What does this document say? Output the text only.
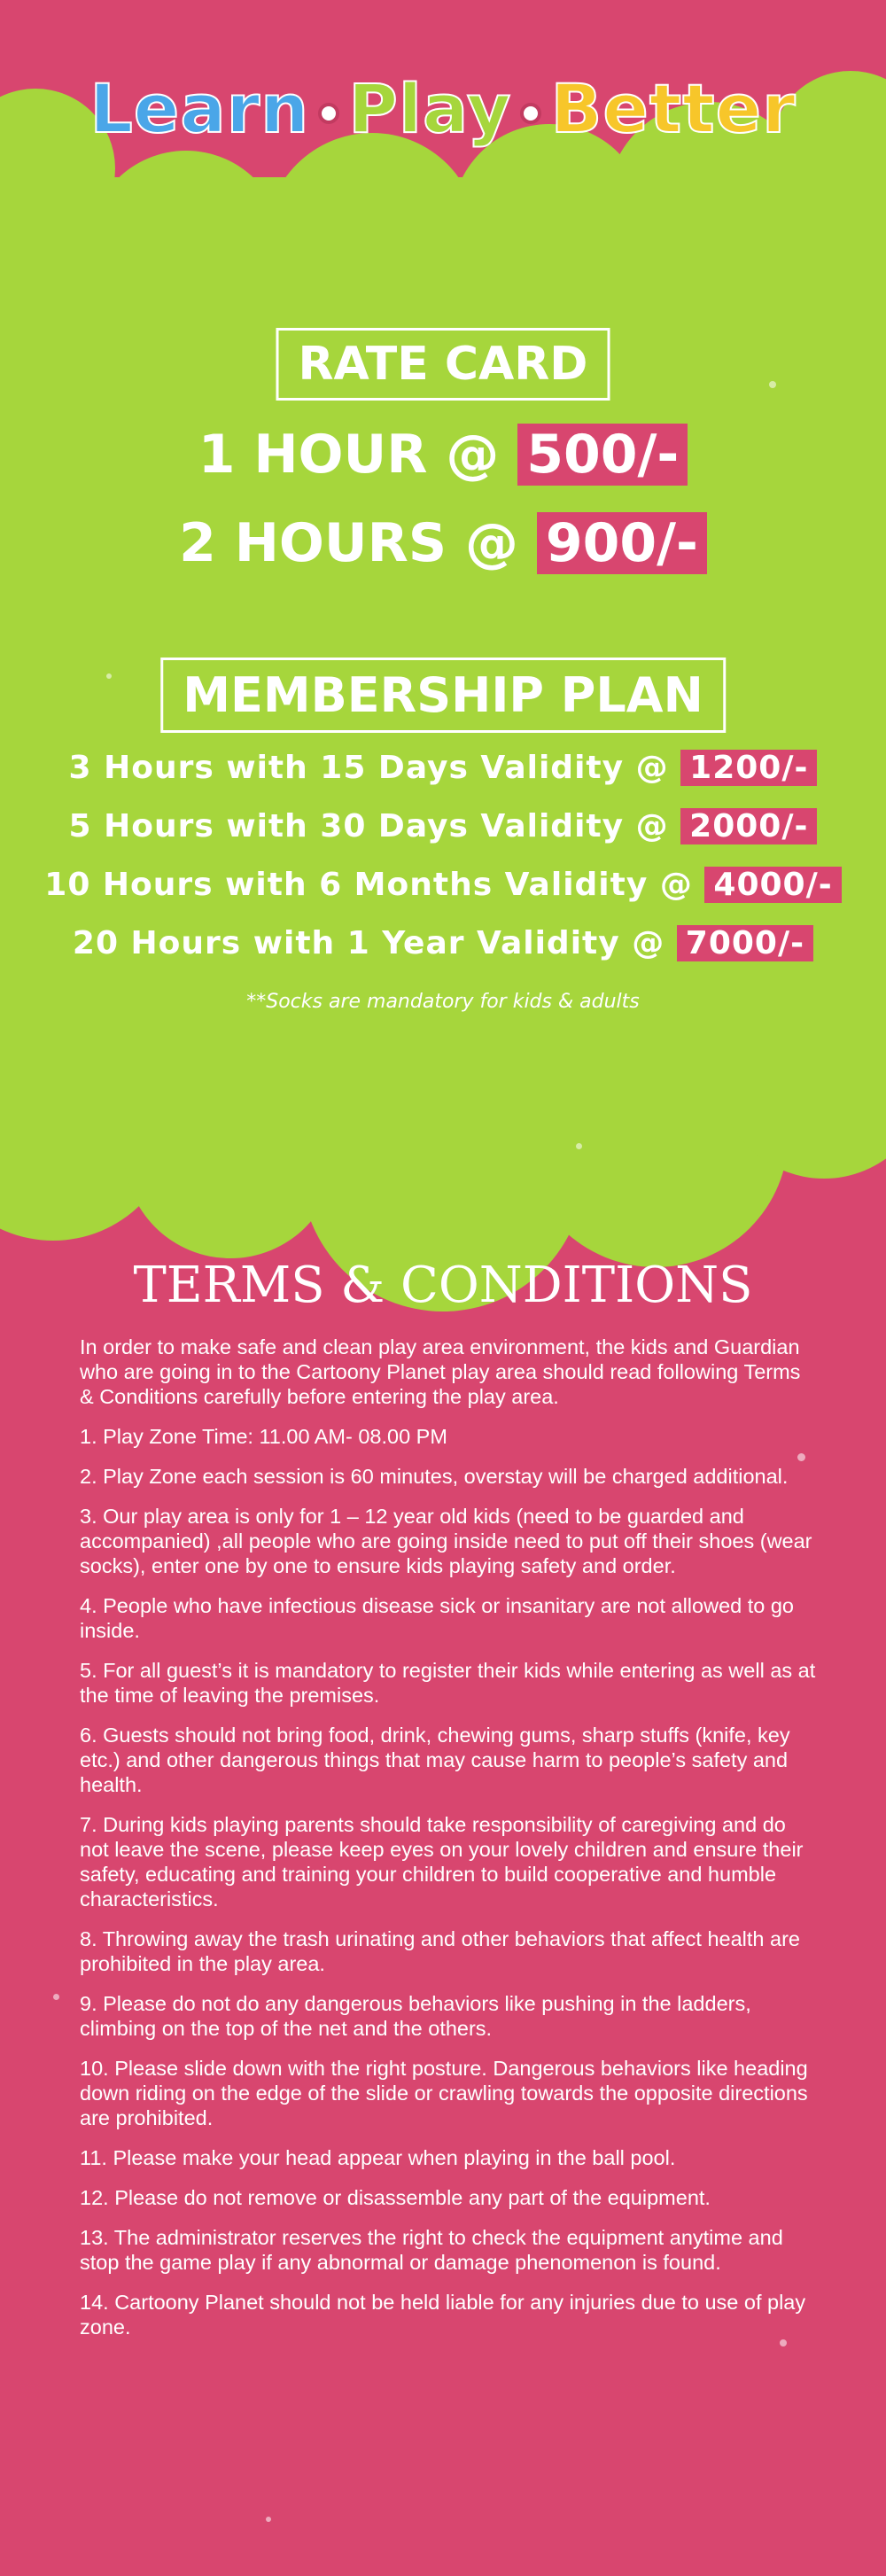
Learn Play Better
RATE CARD
1 HOUR @ 500/-
2 HOURS @ 900/-
MEMBERSHIP PLAN
3 Hours with 15 Days Validity @ 1200/-
5 Hours with 30 Days Validity @ 2000/-
10 Hours with 6 Months Validity @ 4000/-
20 Hours with 1 Year Validity @ 7000/-
**Socks are mandatory for kids & adults
TERMS & CONDITIONS

In order to make safe and clean play area environment, the kids and Guardian who are going in to the Cartoony Planet play area should read following Terms & Conditions carefully before entering the play area.

1. Play Zone Time: 11.00 AM- 08.00 PM

2. Play Zone each session is 60 minutes, overstay will be charged additional.

3. Our play area is only for 1 – 12 year old kids (need to be guarded and accompanied) ,all people who are going inside need to put off their shoes (wear socks), enter one by one to ensure kids playing safety and order.

4. People who have infectious disease sick or insanitary are not allowed to go inside.

5. For all guest’s it is mandatory to register their kids while entering as well as at the time of leaving the premises.

6. Guests should not bring food, drink, chewing gums, sharp stuffs (knife, key etc.) and other dangerous things that may cause harm to people’s safety and health.

7. During kids playing parents should take responsibility of caregiving and do not leave the scene, please keep eyes on your lovely children and ensure their safety, educating and training your children to build cooperative and humble characteristics.

8. Throwing away the trash urinating and other behaviors that affect health are prohibited in the play area.

9. Please do not do any dangerous behaviors like pushing in the ladders, climbing on the top of the net and the others.

10. Please slide down with the right posture. Dangerous behaviors like heading down riding on the edge of the slide or crawling towards the opposite directions are prohibited.

11. Please make your head appear when playing in the ball pool.

12. Please do not remove or disassemble any part of the equipment.

13. The administrator reserves the right to check the equipment anytime and stop the game play if any abnormal or damage phenomenon is found.

14. Cartoony Planet should not be held liable for any injuries due to use of play zone.
